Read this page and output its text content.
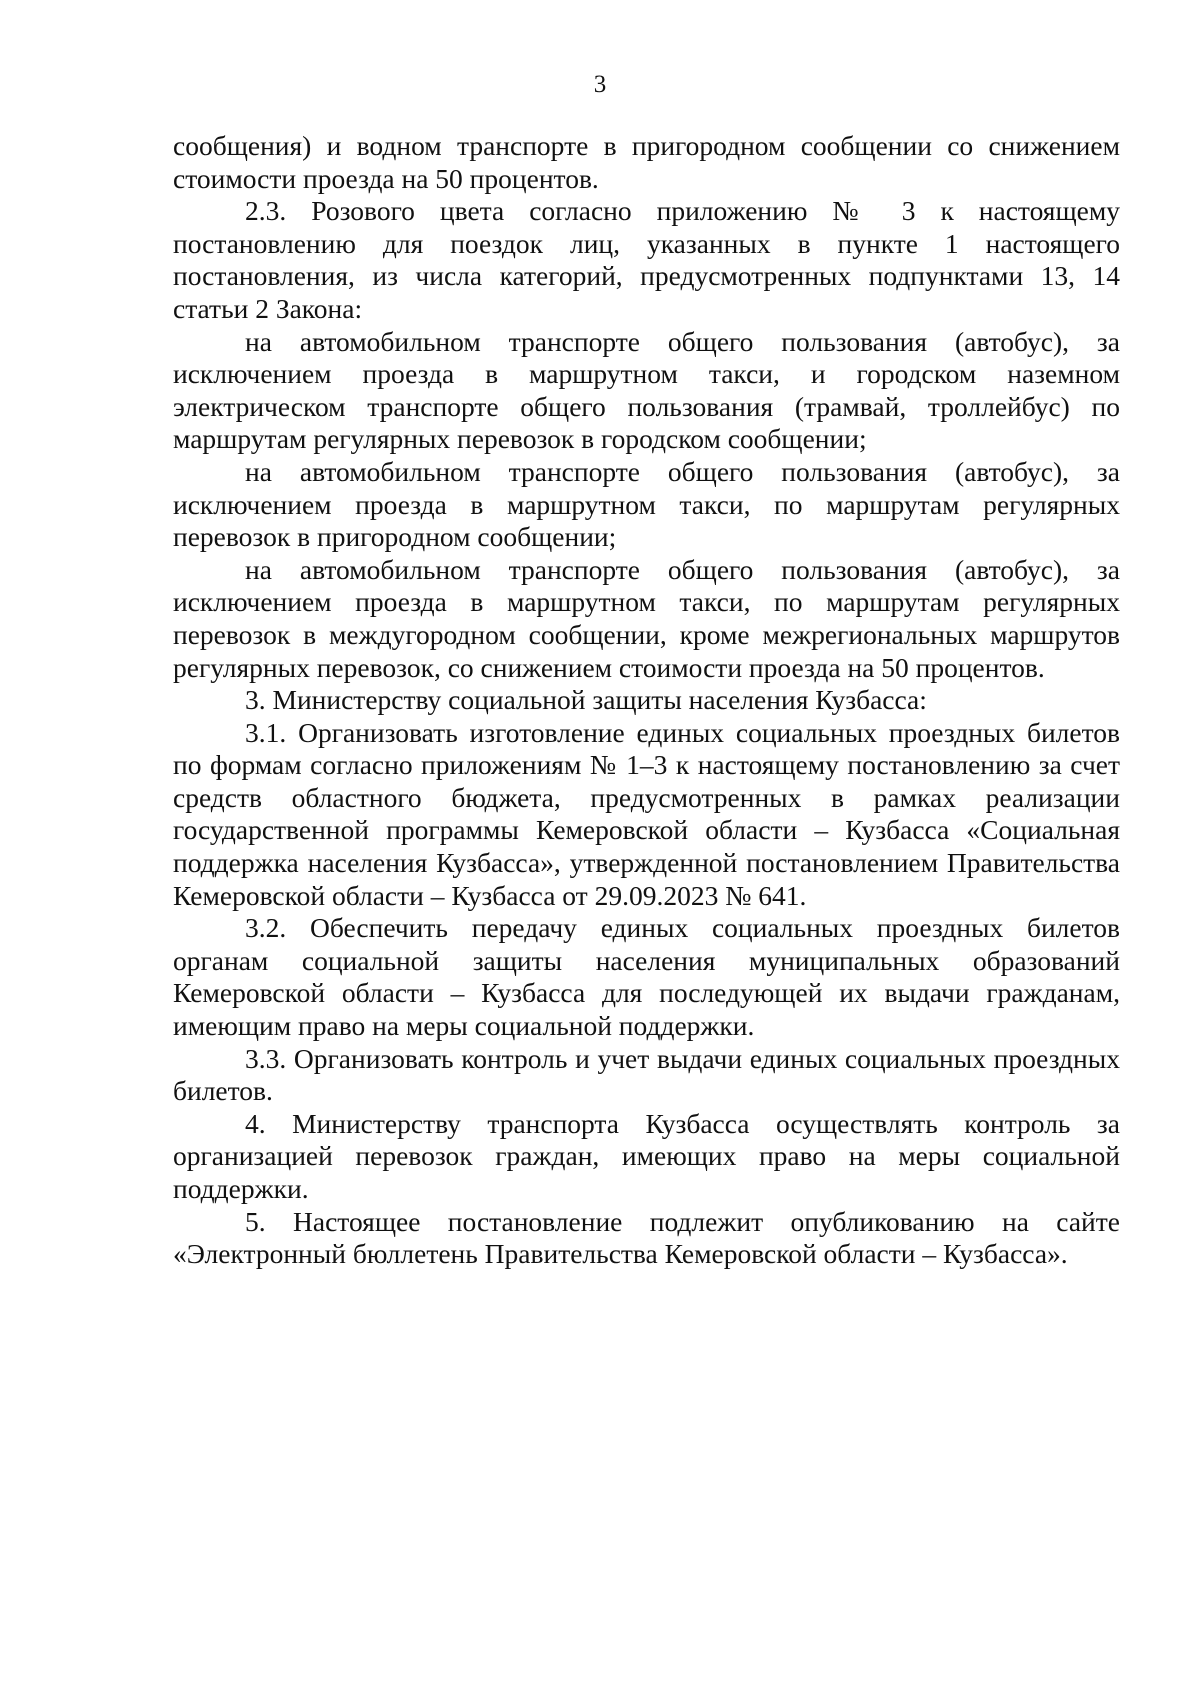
3

сообщения) и водном транспорте в пригородном сообщении со снижением стоимости проезда на 50 процентов.

2.3. Розового цвета согласно приложению № 3 к настоящему постановлению для поездок лиц, указанных в пункте 1 настоящего постановления, из числа категорий, предусмотренных подпунктами 13, 14 статьи 2 Закона:

на автомобильном транспорте общего пользования (автобус), за исключением проезда в маршрутном такси, и городском наземном электрическом транспорте общего пользования (трамвай, троллейбус) по маршрутам регулярных перевозок в городском сообщении;

на автомобильном транспорте общего пользования (автобус), за исключением проезда в маршрутном такси, по маршрутам регулярных перевозок в пригородном сообщении;

на автомобильном транспорте общего пользования (автобус), за исключением проезда в маршрутном такси, по маршрутам регулярных перевозок в междугородном сообщении, кроме межрегиональных маршрутов регулярных перевозок, со снижением стоимости проезда на 50 процентов.

3. Министерству социальной защиты населения Кузбасса:

3.1. Организовать изготовление единых социальных проездных билетов по формам согласно приложениям № 1–3 к настоящему постановлению за счет средств областного бюджета, предусмотренных в рамках реализации государственной программы Кемеровской области – Кузбасса «Социальная поддержка населения Кузбасса», утвержденной постановлением Правительства Кемеровской области – Кузбасса от 29.09.2023 № 641.

3.2. Обеспечить передачу единых социальных проездных билетов органам социальной защиты населения муниципальных образований Кемеровской области – Кузбасса для последующей их выдачи гражданам, имеющим право на меры социальной поддержки.

3.3. Организовать контроль и учет выдачи единых социальных проездных билетов.

4. Министерству транспорта Кузбасса осуществлять контроль за организацией перевозок граждан, имеющих право на меры социальной поддержки.

5. Настоящее постановление подлежит опубликованию на сайте «Электронный бюллетень Правительства Кемеровской области – Кузбасса».
